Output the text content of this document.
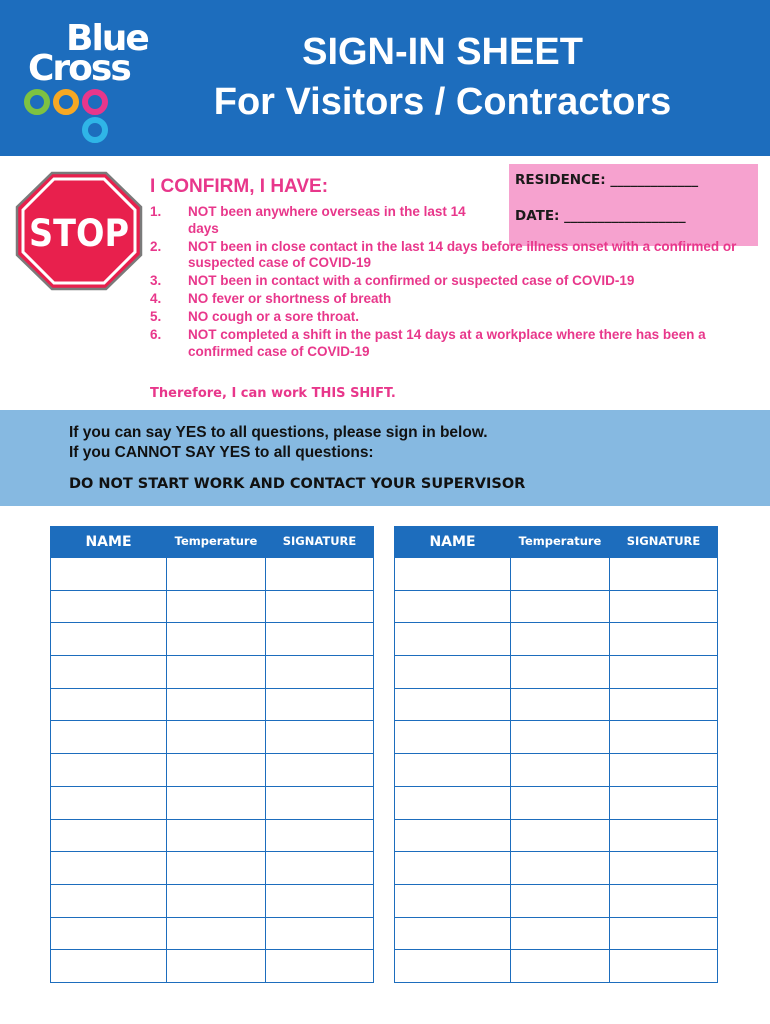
Blue
Cross	SIGN-IN SHEET
For Visitors / Contractors
STOP
I CONFIRM, I HAVE:	RESIDENCE: _____________
DATE: __________________
1. NOT been anywhere overseas in the last 14 days
2. NOT been in close contact in the last 14 days before illness onset with a confirmed or suspected case of COVID-19
3. NOT been in contact with a confirmed or suspected case of COVID-19
4. NO fever or shortness of breath
5. NO cough or a sore throat.
6. NOT completed a shift in the past 14 days at a workplace where there has been a confirmed case of COVID-19
Therefore, I can work THIS SHIFT.
If you can say YES to all questions, please sign in below.
If you CANNOT SAY YES to all questions:
DO NOT START WORK AND CONTACT YOUR SUPERVISOR
NAME	Temperature	SIGNATURE

			NAME	Temperature	SIGNATURE
